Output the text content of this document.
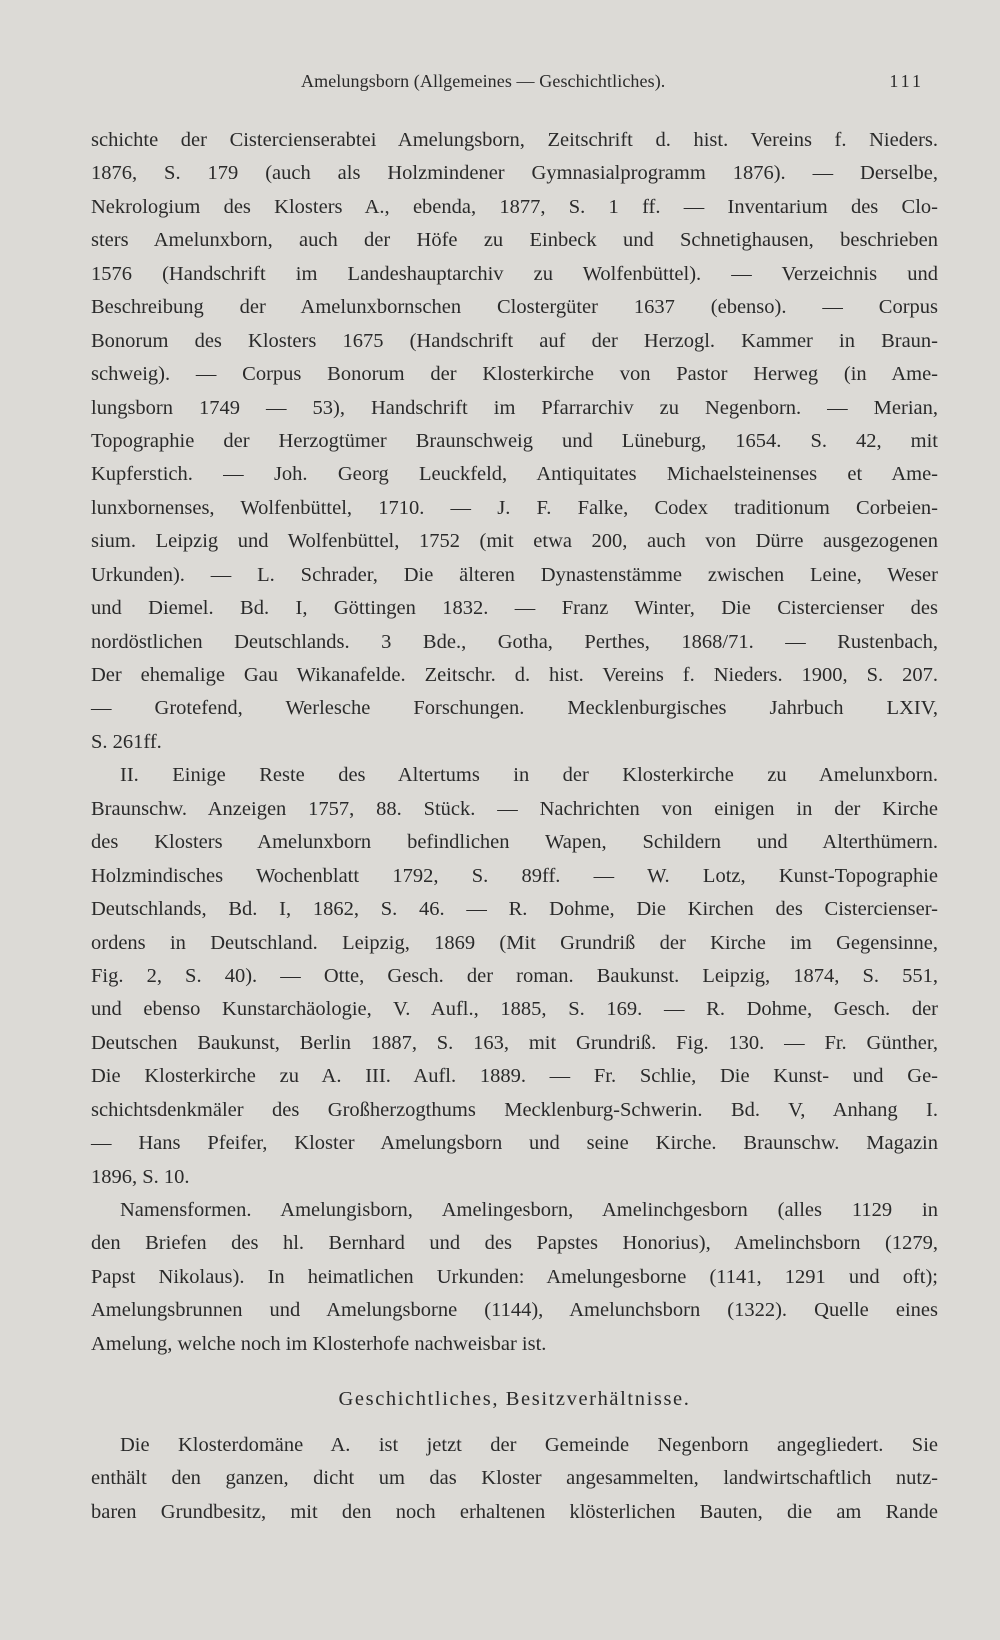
Amelungsborn (Allgemeines — Geschichtliches).	111
schichte der Cistercienserabtei Amelungsborn, Zeitschrift d. hist. Vereins f. Nieders.
1876, S. 179 (auch als Holzmindener Gymnasialprogramm 1876). — Derselbe,
Nekrologium des Klosters A., ebenda, 1877, S. 1 ff. — Inventarium des Clo-
sters Amelunxborn, auch der Höfe zu Einbeck und Schnetighausen, beschrieben
1576 (Handschrift im Landeshauptarchiv zu Wolfenbüttel). — Verzeichnis und
Beschreibung der Amelunxbornschen Clostergüter 1637 (ebenso). — Corpus
Bonorum des Klosters 1675 (Handschrift auf der Herzogl. Kammer in Braun-
schweig). — Corpus Bonorum der Klosterkirche von Pastor Herweg (in Ame-
lungsborn 1749 — 53), Handschrift im Pfarrarchiv zu Negenborn. — Merian,
Topographie der Herzogtümer Braunschweig und Lüneburg, 1654. S. 42, mit
Kupferstich. — Joh. Georg Leuckfeld, Antiquitates Michaelsteinenses et Ame-
lunxbornenses, Wolfenbüttel, 1710. — J. F. Falke, Codex traditionum Corbeien-
sium. Leipzig und Wolfenbüttel, 1752 (mit etwa 200, auch von Dürre ausgezogenen
Urkunden). — L. Schrader, Die älteren Dynastenstämme zwischen Leine, Weser
und Diemel. Bd. I, Göttingen 1832. — Franz Winter, Die Cistercienser des
nordöstlichen Deutschlands. 3 Bde., Gotha, Perthes, 1868/71. — Rustenbach,
Der ehemalige Gau Wikanafelde. Zeitschr. d. hist. Vereins f. Nieders. 1900, S. 207.
— Grotefend, Werlesche Forschungen. Mecklenburgisches Jahrbuch LXIV,
S. 261ff.
II. Einige Reste des Altertums in der Klosterkirche zu Amelunxborn.
Braunschw. Anzeigen 1757, 88. Stück. — Nachrichten von einigen in der Kirche
des Klosters Amelunxborn befindlichen Wapen, Schildern und Alterthümern.
Holzmindisches Wochenblatt 1792, S. 89ff. — W. Lotz, Kunst-Topographie
Deutschlands, Bd. I, 1862, S. 46. — R. Dohme, Die Kirchen des Cistercienser-
ordens in Deutschland. Leipzig, 1869 (Mit Grundriß der Kirche im Gegensinne,
Fig. 2, S. 40). — Otte, Gesch. der roman. Baukunst. Leipzig, 1874, S. 551,
und ebenso Kunstarchäologie, V. Aufl., 1885, S. 169. — R. Dohme, Gesch. der
Deutschen Baukunst, Berlin 1887, S. 163, mit Grundriß. Fig. 130. — Fr. Günther,
Die Klosterkirche zu A. III. Aufl. 1889. — Fr. Schlie, Die Kunst- und Ge-
schichtsdenkmäler des Großherzogthums Mecklenburg-Schwerin. Bd. V, Anhang I.
— Hans Pfeifer, Kloster Amelungsborn und seine Kirche. Braunschw. Magazin
1896, S. 10.
Namensformen. Amelungisborn, Amelingesborn, Amelinchgesborn (alles 1129 in
den Briefen des hl. Bernhard und des Papstes Honorius), Amelinchsborn (1279,
Papst Nikolaus). In heimatlichen Urkunden: Amelungesborne (1141, 1291 und oft);
Amelungsbrunnen und Amelungsborne (1144), Amelunchsborn (1322). Quelle eines
Amelung, welche noch im Klosterhofe nachweisbar ist.
Geschichtliches, Besitzverhältnisse.
Die Klosterdomäne A. ist jetzt der Gemeinde Negenborn angegliedert. Sie
enthält den ganzen, dicht um das Kloster angesammelten, landwirtschaftlich nutz-
baren Grundbesitz, mit den noch erhaltenen klösterlichen Bauten, die am Rande
